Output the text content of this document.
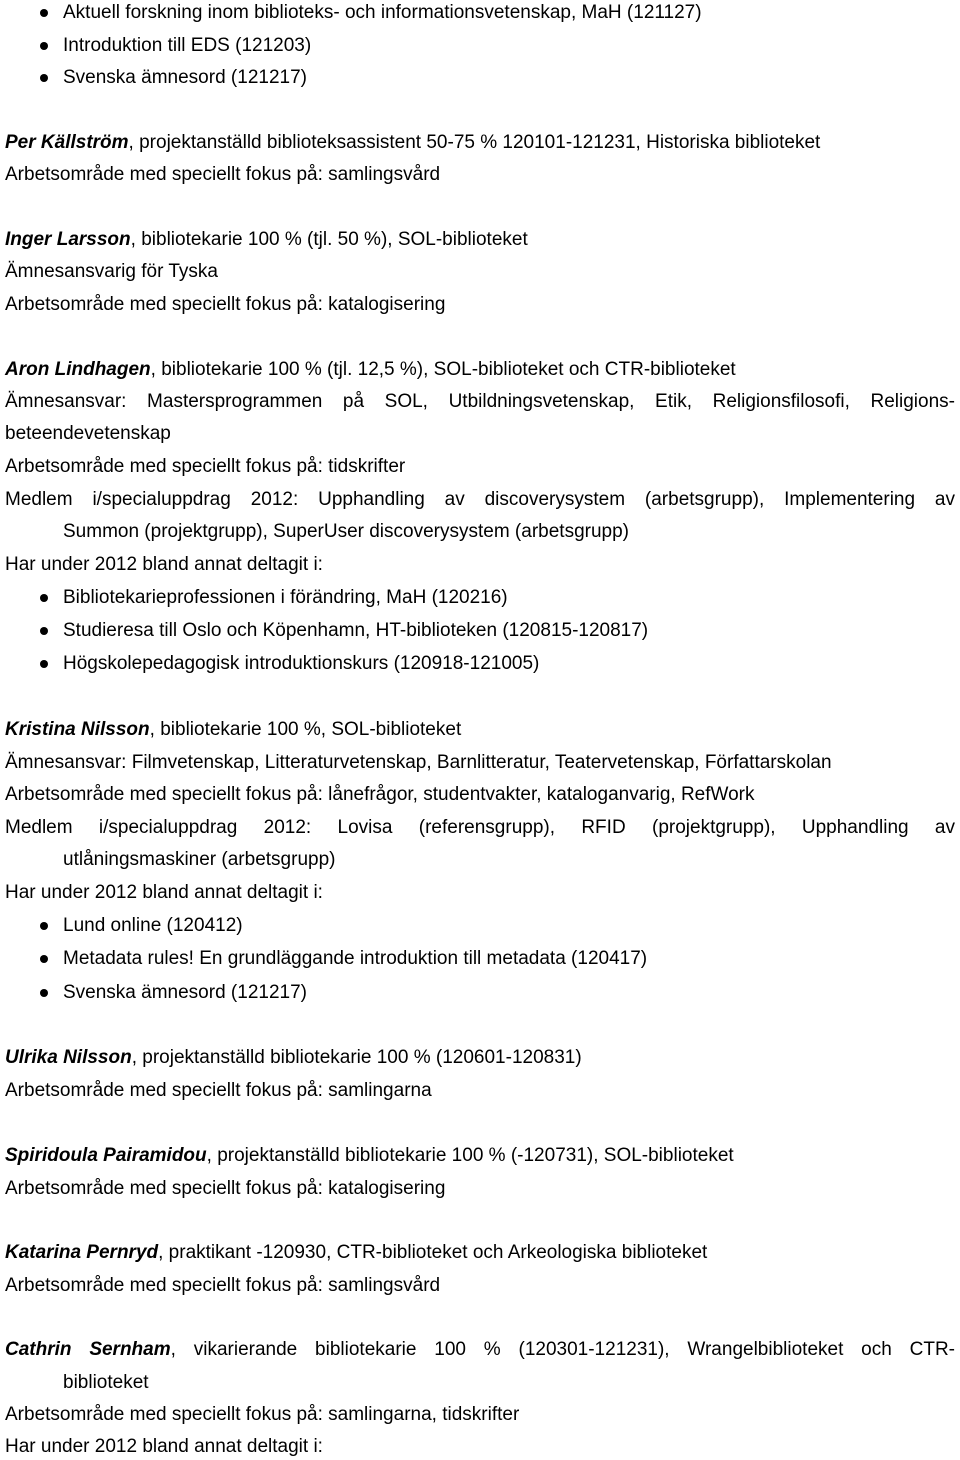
Aktuell forskning inom biblioteks- och informationsvetenskap, MaH (121127)
Introduktion till EDS (121203)
Svenska ämnesord (121217)
Per Källström, projektanställd biblioteksassistent 50-75 % 120101-121231, Historiska biblioteket
Arbetsområde med speciellt fokus på: samlingsvård
Inger Larsson, bibliotekarie 100 % (tjl. 50 %), SOL-biblioteket
Ämnesansvarig för Tyska
Arbetsområde med speciellt fokus på: katalogisering
Aron Lindhagen, bibliotekarie 100 % (tjl. 12,5 %), SOL-biblioteket och CTR-biblioteket
Ämnesansvar: Mastersprogrammen på SOL, Utbildningsvetenskap, Etik, Religionsfilosofi, Religions-
beteendevetenskap
Arbetsområde med speciellt fokus på: tidskrifter
Medlem i/specialuppdrag 2012: Upphandling av discoverysystem (arbetsgrupp), Implementering av
Summon (projektgrupp), SuperUser discoverysystem (arbetsgrupp)
Har under 2012 bland annat deltagit i:
Bibliotekarieprofessionen i förändring, MaH (120216)
Studieresa till Oslo och Köpenhamn, HT-biblioteken (120815-120817)
Högskolepedagogisk introduktionskurs (120918-121005)
Kristina Nilsson, bibliotekarie 100 %, SOL-biblioteket
Ämnesansvar: Filmvetenskap, Litteraturvetenskap, Barnlitteratur, Teatervetenskap, Författarskolan
Arbetsområde med speciellt fokus på: lånefrågor, studentvakter, kataloganvarig, RefWork
Medlem i/specialuppdrag 2012: Lovisa (referensgrupp), RFID (projektgrupp), Upphandling av
utlåningsmaskiner (arbetsgrupp)
Har under 2012 bland annat deltagit i:
Lund online (120412)
Metadata rules! En grundläggande introduktion till metadata (120417)
Svenska ämnesord (121217)
Ulrika Nilsson, projektanställd bibliotekarie 100 % (120601-120831)
Arbetsområde med speciellt fokus på: samlingarna
Spiridoula Pairamidou, projektanställd bibliotekarie 100 % (-120731), SOL-biblioteket
Arbetsområde med speciellt fokus på: katalogisering
Katarina Pernryd, praktikant -120930, CTR-biblioteket och Arkeologiska biblioteket
Arbetsområde med speciellt fokus på: samlingsvård
Cathrin Sernham, vikarierande bibliotekarie 100 % (120301-121231), Wrangelbiblioteket och CTR-
biblioteket
Arbetsområde med speciellt fokus på: samlingarna, tidskrifter
Har under 2012 bland annat deltagit i:
